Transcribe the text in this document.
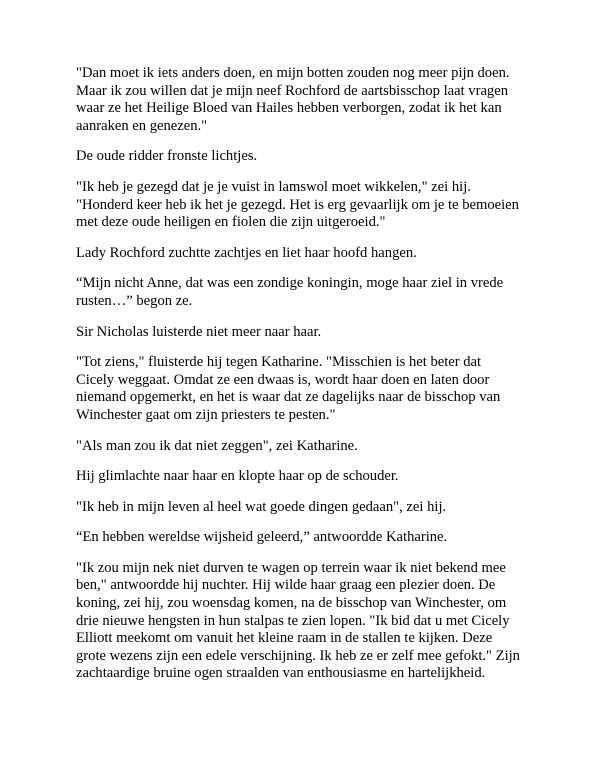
"Dan moet ik iets anders doen, en mijn botten zouden nog meer pijn doen.
Maar ik zou willen dat je mijn neef Rochford de aartsbisschop laat vragen
waar ze het Heilige Bloed van Hailes hebben verborgen, zodat ik het kan
aanraken en genezen."

De oude ridder fronste lichtjes.

"Ik heb je gezegd dat je je vuist in lamswol moet wikkelen," zei hij.
"Honderd keer heb ik het je gezegd. Het is erg gevaarlijk om je te bemoeien
met deze oude heiligen en fiolen die zijn uitgeroeid."

Lady Rochford zuchtte zachtjes en liet haar hoofd hangen.

“Mijn nicht Anne, dat was een zondige koningin, moge haar ziel in vrede
rusten…” begon ze.

Sir Nicholas luisterde niet meer naar haar.

"Tot ziens," fluisterde hij tegen Katharine. "Misschien is het beter dat
Cicely weggaat. Omdat ze een dwaas is, wordt haar doen en laten door
niemand opgemerkt, en het is waar dat ze dagelijks naar de bisschop van
Winchester gaat om zijn priesters te pesten."

"Als man zou ik dat niet zeggen", zei Katharine.

Hij glimlachte naar haar en klopte haar op de schouder.

"Ik heb in mijn leven al heel wat goede dingen gedaan", zei hij.

“En hebben wereldse wijsheid geleerd,” antwoordde Katharine.

"Ik zou mijn nek niet durven te wagen op terrein waar ik niet bekend mee
ben," antwoordde hij nuchter. Hij wilde haar graag een plezier doen. De
koning, zei hij, zou woensdag komen, na de bisschop van Winchester, om
drie nieuwe hengsten in hun stalpas te zien lopen. "Ik bid dat u met Cicely
Elliott meekomt om vanuit het kleine raam in de stallen te kijken. Deze
grote wezens zijn een edele verschijning. Ik heb ze er zelf mee gefokt." Zijn
zachtaardige bruine ogen straalden van enthousiasme en hartelijkheid.
